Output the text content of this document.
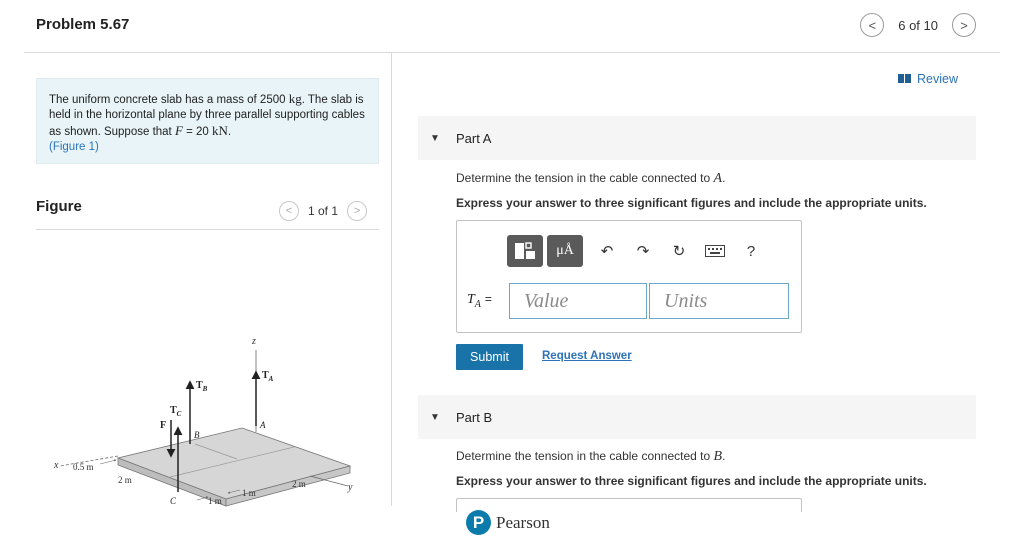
Problem 5.67	< 6 of 10 >
The uniform concrete slab has a mass of 2500 kg. The slab is held in the horizontal plane by three parallel supporting cables as shown. Suppose that F = 20 kN.
(Figure 1)
Figure	< 1 of 1 >
x
y
z
$T_A$
A
$T_B$
B
$T_C$
C
F
0.5 m
2 m
1 m
1 m
2 m
Review
▼	Part A
Determine the tension in the cable connected to A.
Express your answer to three significant figures and include the appropriate units.
μÅ ↶ ↷ ↻	?
$T_A$ =	Value	Units
Submit	Request Answer
▼	Part B
Determine the tension in the cable connected to B.
Express your answer to three significant figures and include the appropriate units.
P Pearson
